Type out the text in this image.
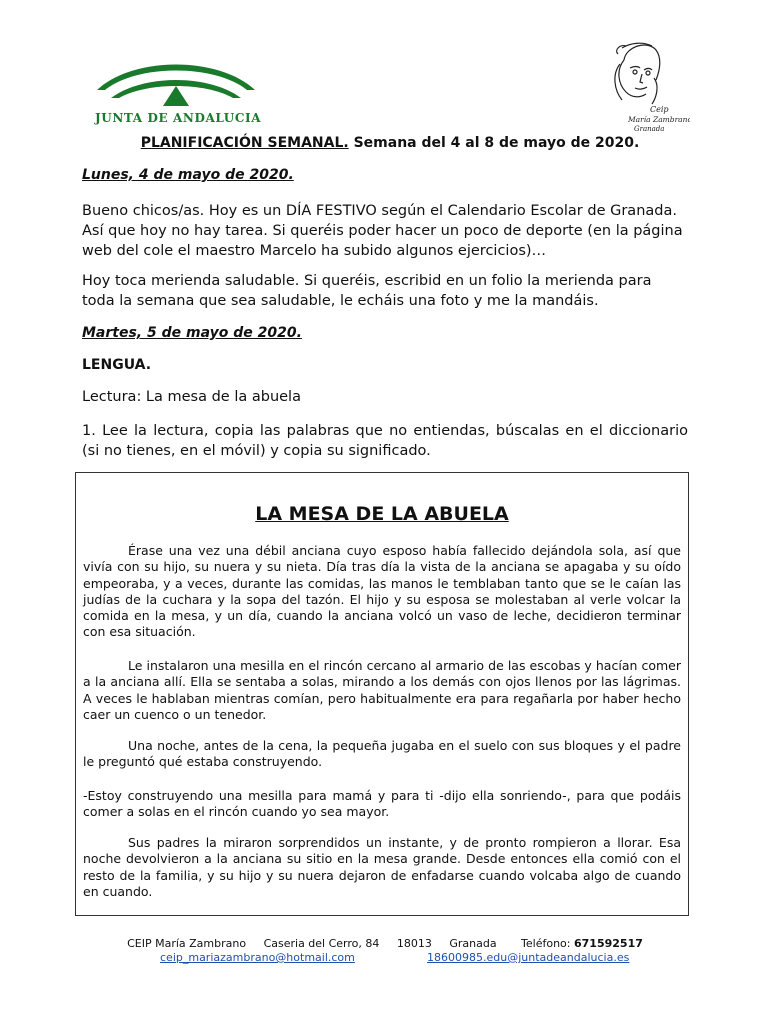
JUNTA DE ANDALUCIA
Ceip
María Zambrano
Granada
PLANIFICACIÓN SEMANAL. Semana del 4 al 8 de mayo de 2020.
Lunes, 4 de mayo de 2020.

Bueno chicos/as. Hoy es un DÍA FESTIVO según el Calendario Escolar de Granada. Así que hoy no hay tarea. Si queréis poder hacer un poco de deporte (en la página web del cole el maestro Marcelo ha subido algunos ejercicios)…

Hoy toca merienda saludable. Si queréis, escribid en un folio la merienda para toda la semana que sea saludable, le echáis una foto y me la mandáis.

Martes, 5 de mayo de 2020.
LENGUA.
Lectura: La mesa de la abuela

1. Lee la lectura, copia las palabras que no entiendas, búscalas en el diccionario (si no tienes, en el móvil) y copia su significado.

LA MESA DE LA ABUELA

Érase una vez una débil anciana cuyo esposo había fallecido dejándola sola, así que vivía con su hijo, su nuera y su nieta. Día tras día la vista de la anciana se apagaba y su oído empeoraba, y a veces, durante las comidas, las manos le temblaban tanto que se le caían las judías de la cuchara y la sopa del tazón. El hijo y su esposa se molestaban al verle volcar la comida en la mesa, y un día, cuando la anciana volcó un vaso de leche, decidieron terminar con esa situación.

Le instalaron una mesilla en el rincón cercano al armario de las escobas y hacían comer a la anciana allí. Ella se sentaba a solas, mirando a los demás con ojos llenos por las lágrimas. A veces le hablaban mientras comían, pero habitualmente era para regañarla por haber hecho caer un cuenco o un tenedor.

Una noche, antes de la cena, la pequeña jugaba en el suelo con sus bloques y el padre le preguntó qué estaba construyendo.

-Estoy construyendo una mesilla para mamá y para ti -dijo ella sonriendo-, para que podáis comer a solas en el rincón cuando yo sea mayor.

Sus padres la miraron sorprendidos un instante, y de pronto rompieron a llorar. Esa noche devolvieron a la anciana su sitio en la mesa grande. Desde entonces ella comió con el resto de la familia, y su hijo y su nuera dejaron de enfadarse cuando volcaba algo de cuando en cuando.

CEIP María Zambrano     Caseria del Cerro, 84     18013     Granada       Teléfono: 671592517
ceip_mariazambrano@hotmail.com	18600985.edu@juntadeandalucia.es
